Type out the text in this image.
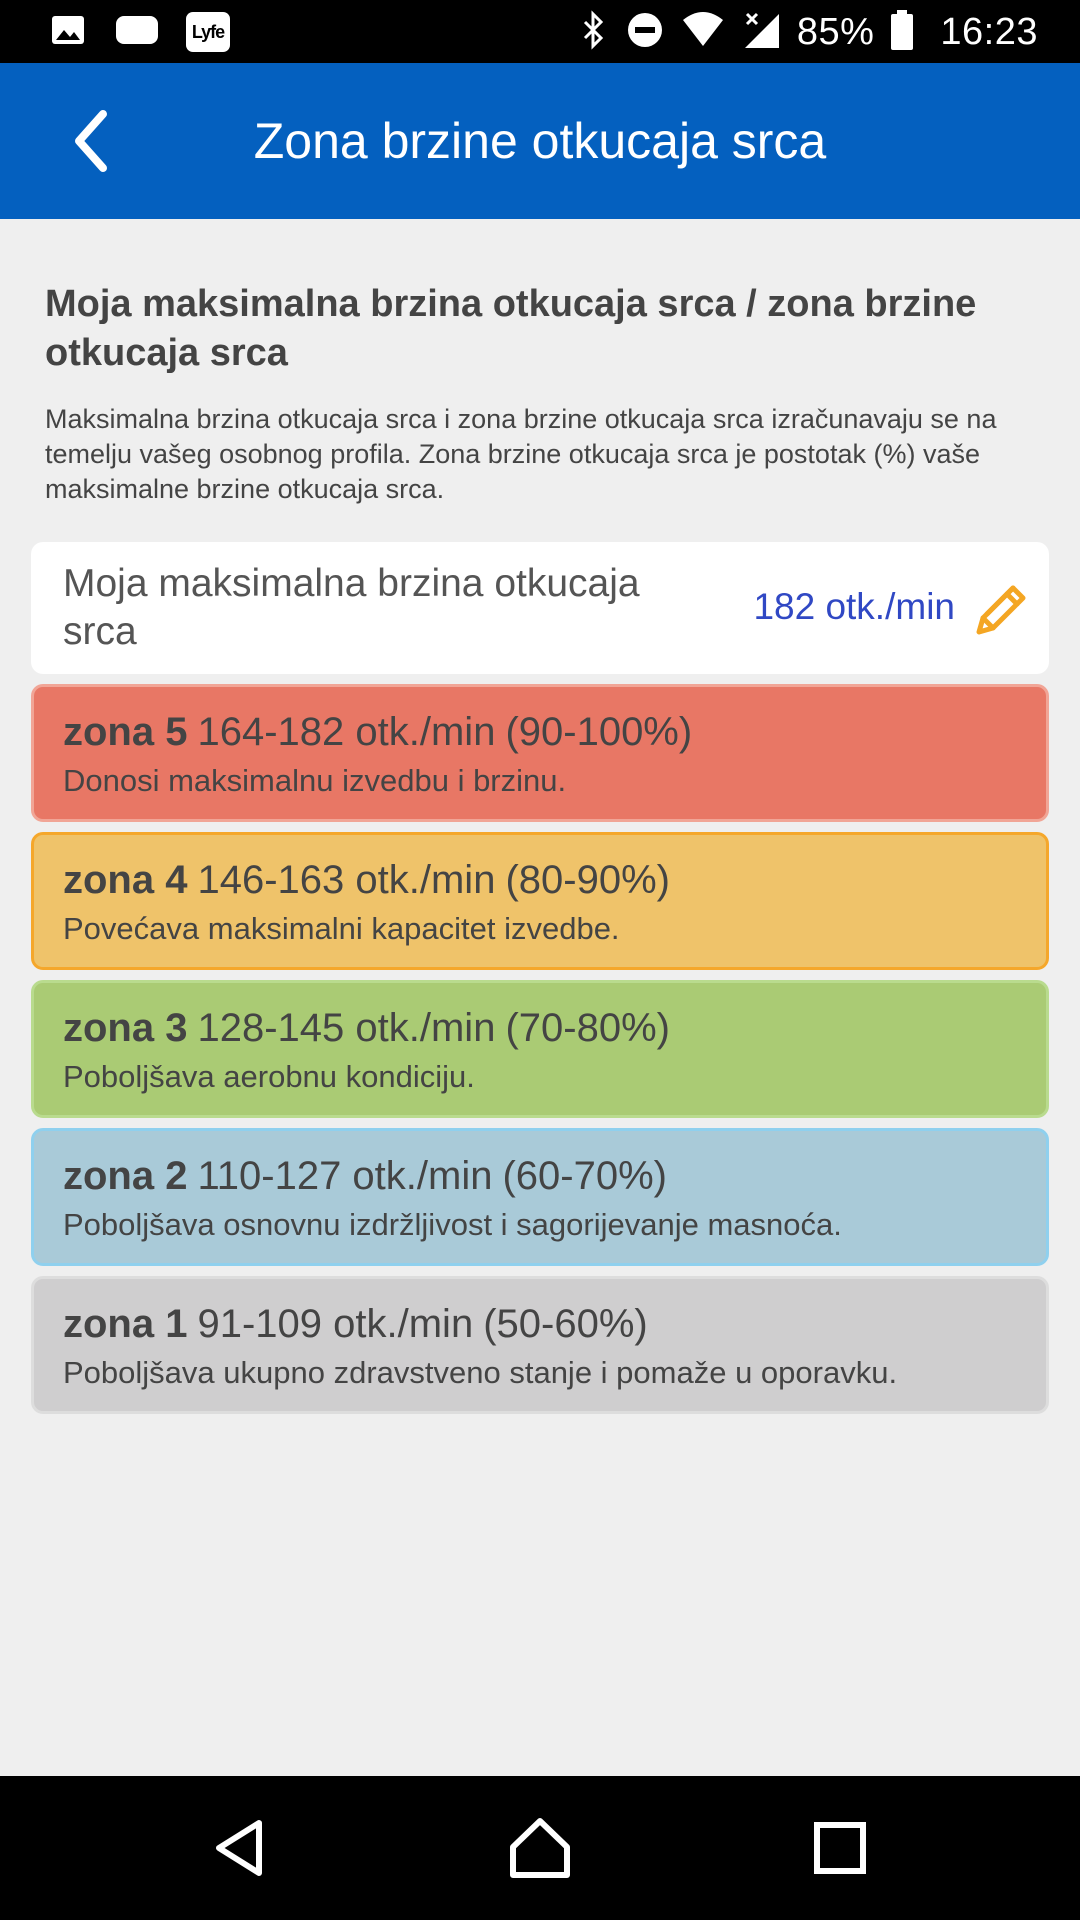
Lyfe	85% 16:23
Zona brzine otkucaja srca

Moja maksimalna brzina otkucaja srca / zona brzine otkucaja srca

Maksimalna brzina otkucaja srca i zona brzine otkucaja srca izračunavaju se na temelju vašeg osobnog profila. Zona brzine otkucaja srca je postotak (%) vaše maksimalne brzine otkucaja srca.

Moja maksimalna brzina otkucaja srca
182 otk./min
zona 5 164-182 otk./min (90-100%)
Donosi maksimalnu izvedbu i brzinu.
zona 4 146-163 otk./min (80-90%)
Povećava maksimalni kapacitet izvedbe.
zona 3 128-145 otk./min (70-80%)
Poboljšava aerobnu kondiciju.
zona 2 110-127 otk./min (60-70%)
Poboljšava osnovnu izdržljivost i sagorijevanje masnoća.
zona 1 91-109 otk./min (50-60%)
Poboljšava ukupno zdravstveno stanje i pomaže u oporavku.
